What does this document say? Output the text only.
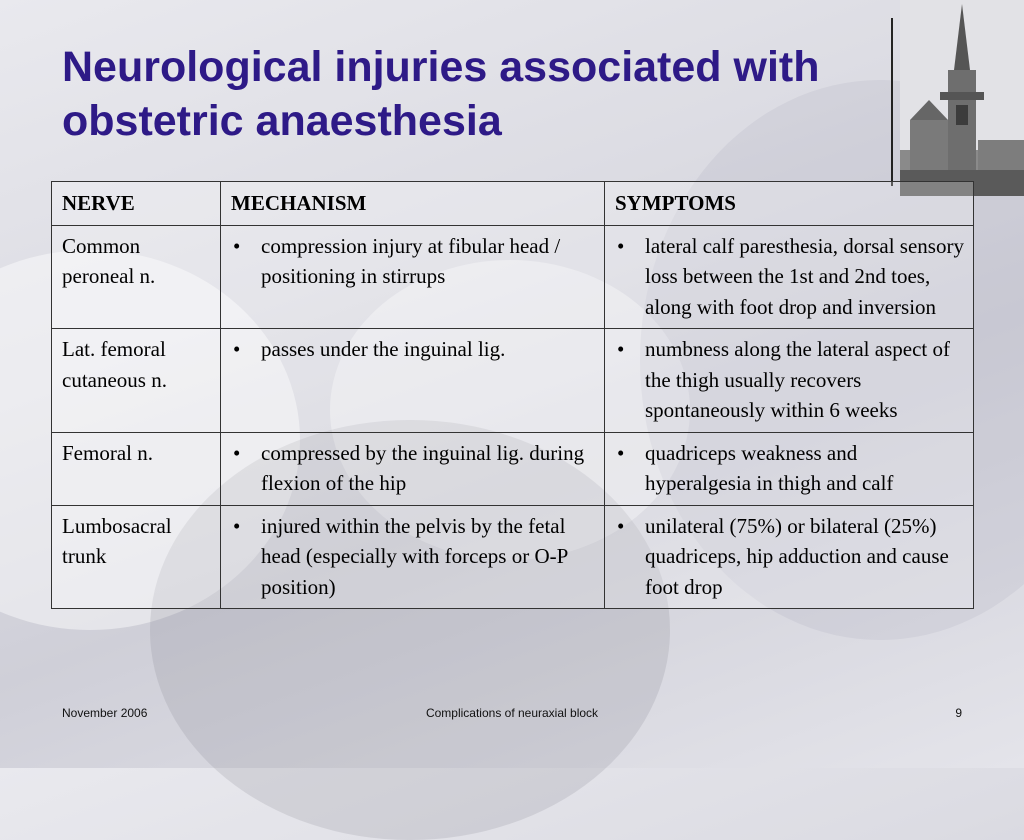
Neurological injuries associated with obstetric anaesthesia
NERVE	MECHANISM	SYMPTOMS
Common peroneal n.	• compression injury at fibular head / positioning in stirrups	• lateral calf paresthesia, dorsal sensory loss between the 1st and 2nd toes, along with foot drop and inversion

Lat. femoral cutaneous n.	• passes under the inguinal lig.	• numbness along the lateral aspect of the thigh usually recovers spontaneously within 6 weeks

Femoral n.	• compressed by the inguinal lig. during flexion of the hip	• quadriceps weakness and hyperalgesia in thigh and calf

Lumbosacral trunk	• injured within the pelvis by the fetal head (especially with forceps or O-P position)	• unilateral (75%) or bilateral (25%) quadriceps, hip adduction and cause foot drop
November 2006	Complications of neuraxial block	9
